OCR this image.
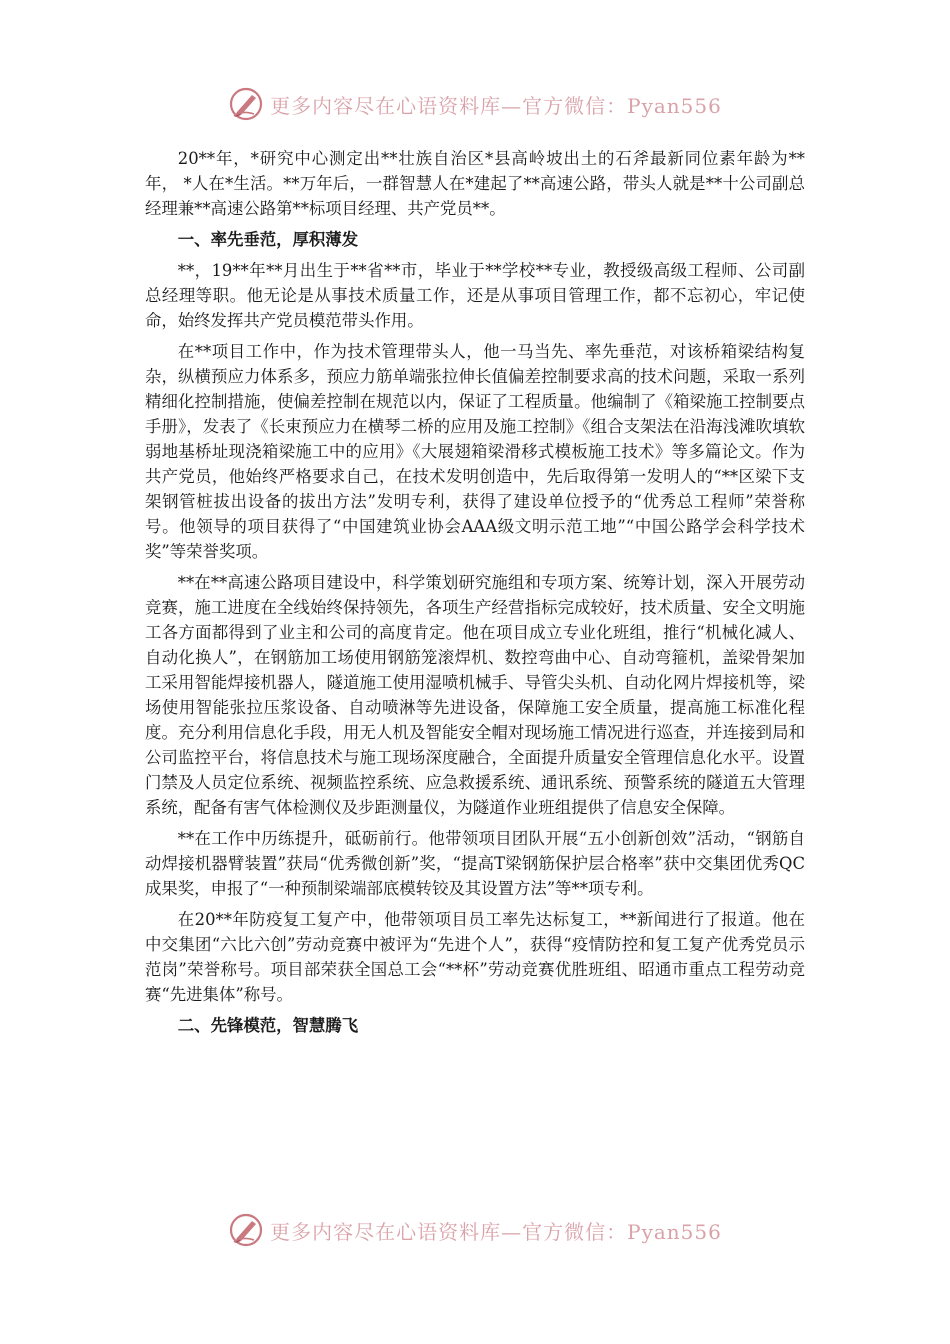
更多内容尽在心语资料库—官方微信：Pyan556

20**年，*研究中心测定出**壮族自治区*县高岭坡出土的石斧最新同位素年龄为**年， *人在*生活。**万年后，一群智慧人在*建起了**高速公路，带头人就是**十公司副总经理兼**高速公路第**标项目经理、共产党员**。

一、率先垂范，厚积薄发

**，19**年**月出生于**省**市，毕业于**学校**专业，教授级高级工程师、公司副总经理等职。他无论是从事技术质量工作，还是从事项目管理工作，都不忘初心，牢记使命，始终发挥共产党员模范带头作用。

在**项目工作中，作为技术管理带头人，他一马当先、率先垂范，对该桥箱梁结构复杂，纵横预应力体系多，预应力筋单端张拉伸长值偏差控制要求高的技术问题，采取一系列精细化控制措施，使偏差控制在规范以内，保证了工程质量。他编制了《箱梁施工控制要点手册》，发表了《长束预应力在横琴二桥的应用及施工控制》《组合支架法在沿海浅滩吹填软弱地基桥址现浇箱梁施工中的应用》《大展翅箱梁滑移式模板施工技术》等多篇论文。作为共产党员，他始终严格要求自己，在技术发明创造中，先后取得第一发明人的“**区梁下支架钢管桩拔出设备的拔出方法”发明专利，获得了建设单位授予的“优秀总工程师”荣誉称号。他领导的项目获得了“中国建筑业协会AAA级文明示范工地”“中国公路学会科学技术奖”等荣誉奖项。

**在**高速公路项目建设中，科学策划研究施组和专项方案、统筹计划，深入开展劳动竞赛，施工进度在全线始终保持领先，各项生产经营指标完成较好，技术质量、安全文明施工各方面都得到了业主和公司的高度肯定。他在项目成立专业化班组，推行“机械化减人、自动化换人”，在钢筋加工场使用钢筋笼滚焊机、数控弯曲中心、自动弯箍机，盖梁骨架加工采用智能焊接机器人，隧道施工使用湿喷机械手、导管尖头机、自动化网片焊接机等，梁场使用智能张拉压浆设备、自动喷淋等先进设备，保障施工安全质量，提高施工标准化程度。充分利用信息化手段，用无人机及智能安全帽对现场施工情况进行巡查，并连接到局和公司监控平台，将信息技术与施工现场深度融合，全面提升质量安全管理信息化水平。设置门禁及人员定位系统、视频监控系统、应急救援系统、通讯系统、预警系统的隧道五大管理系统，配备有害气体检测仪及步距测量仪，为隧道作业班组提供了信息安全保障。

**在工作中历练提升，砥砺前行。他带领项目团队开展“五小创新创效”活动，“钢筋自动焊接机器臂装置”获局“优秀微创新”奖，“提高T梁钢筋保护层合格率”获中交集团优秀QC成果奖，申报了“一种预制梁端部底模转铰及其设置方法”等**项专利。

在20**年防疫复工复产中，他带领项目员工率先达标复工，**新闻进行了报道。他在中交集团“六比六创”劳动竞赛中被评为“先进个人”，获得“疫情防控和复工复产优秀党员示范岗”荣誉称号。项目部荣获全国总工会“**杯”劳动竞赛优胜班组、昭通市重点工程劳动竞赛“先进集体”称号。

二、先锋模范，智慧腾飞

更多内容尽在心语资料库—官方微信：Pyan556
